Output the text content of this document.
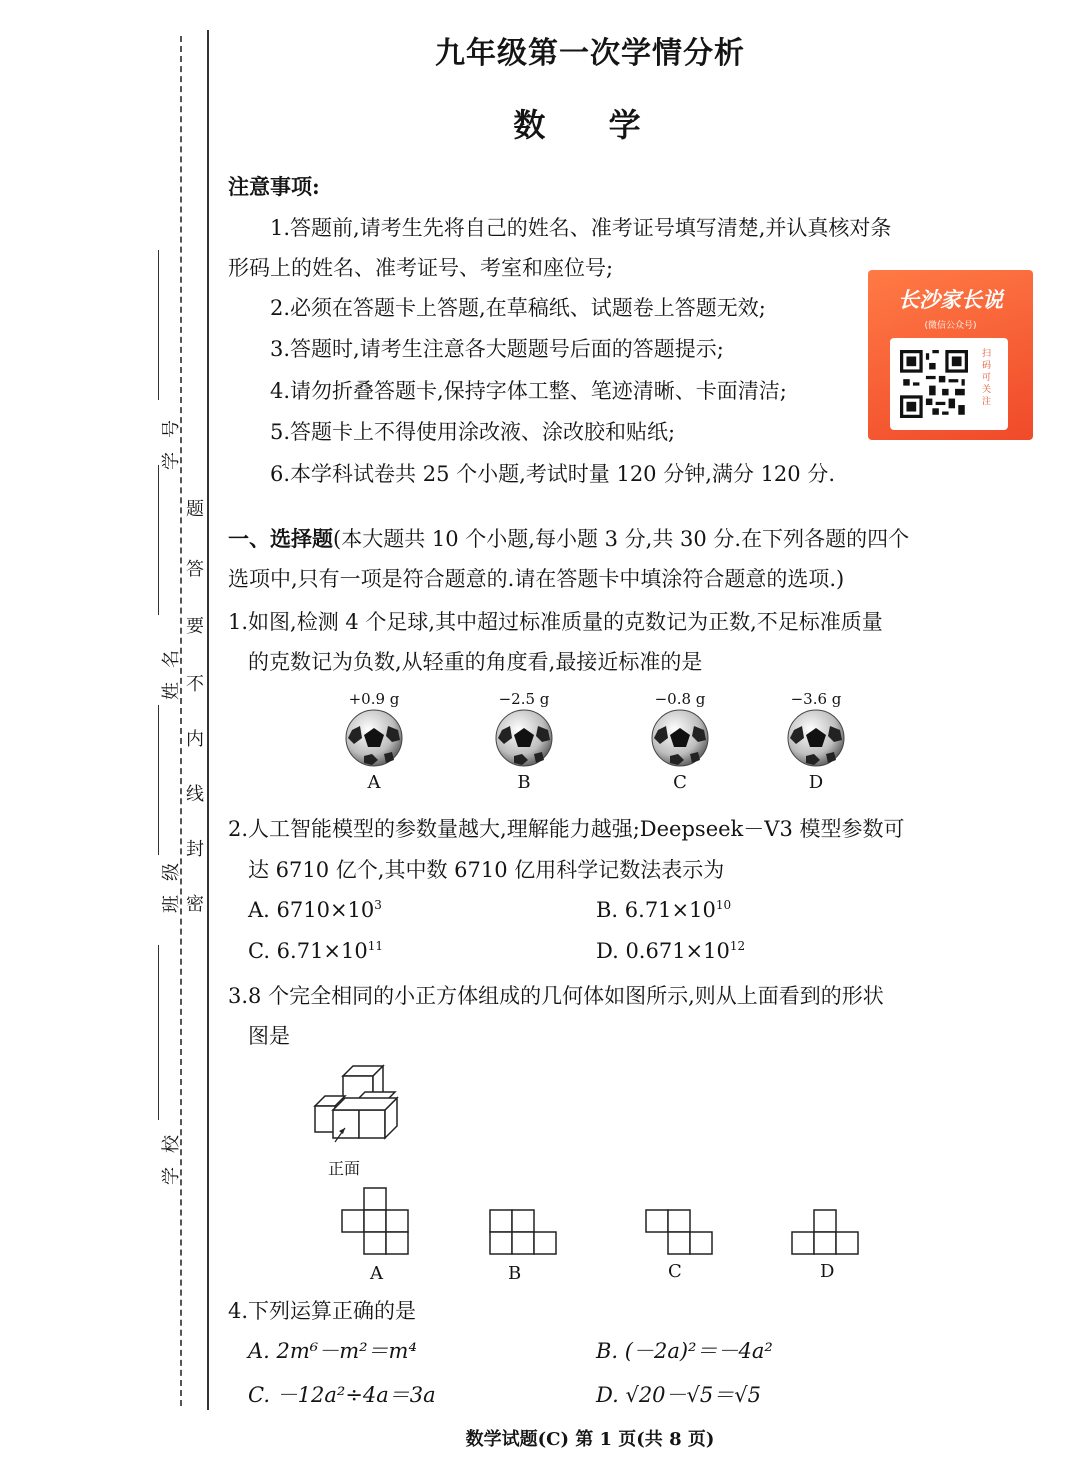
密
封
线
内
不
要
答
题
学校
班级
姓名
学号
九年级第一次学情分析
数 学
注意事项:
1.答题前,请考生先将自己的姓名、准考证号填写清楚,并认真核对条
形码上的姓名、准考证号、考室和座位号;
2.必须在答题卡上答题,在草稿纸、试题卷上答题无效;
3.答题时,请考生注意各大题题号后面的答题提示;
4.请勿折叠答题卡,保持字体工整、笔迹清晰、卡面清洁;
5.答题卡上不得使用涂改液、涂改胶和贴纸;
6.本学科试卷共 25 个小题,考试时量 120 分钟,满分 120 分.
长沙家长说
(微信公众号)
扫码可关注
一、选择题(本大题共 10 个小题,每小题 3 分,共 30 分.在下列各题的四个
选项中,只有一项是符合题意的.请在答题卡中填涂符合题意的选项.)
1.如图,检测 4 个足球,其中超过标准质量的克数记为正数,不足标准质量
的克数记为负数,从轻重的角度看,最接近标准的是
+0.9 g
A
−2.5 g
B
−0.8 g
C
−3.6 g
D
2.人工智能模型的参数量越大,理解能力越强;Deepseek－V3 模型参数可
达 6710 亿个,其中数 6710 亿用科学记数法表示为
A. $6710\times 10^3$	B. $6.71\times 10^{10}$
C. $6.71\times 10^{11}$	D. $0.671\times 10^{12}$
3.8 个完全相同的小正方体组成的几何体如图所示,则从上面看到的形状
图是
正面
A	B	C	D
4.下列运算正确的是
A. 2m⁶－m²＝m⁴	B. (－2a)²＝－4a²
C. －12a²÷4a＝3a	D. √20－√5＝√5
数学试题(C) 第 1 页(共 8 页)
